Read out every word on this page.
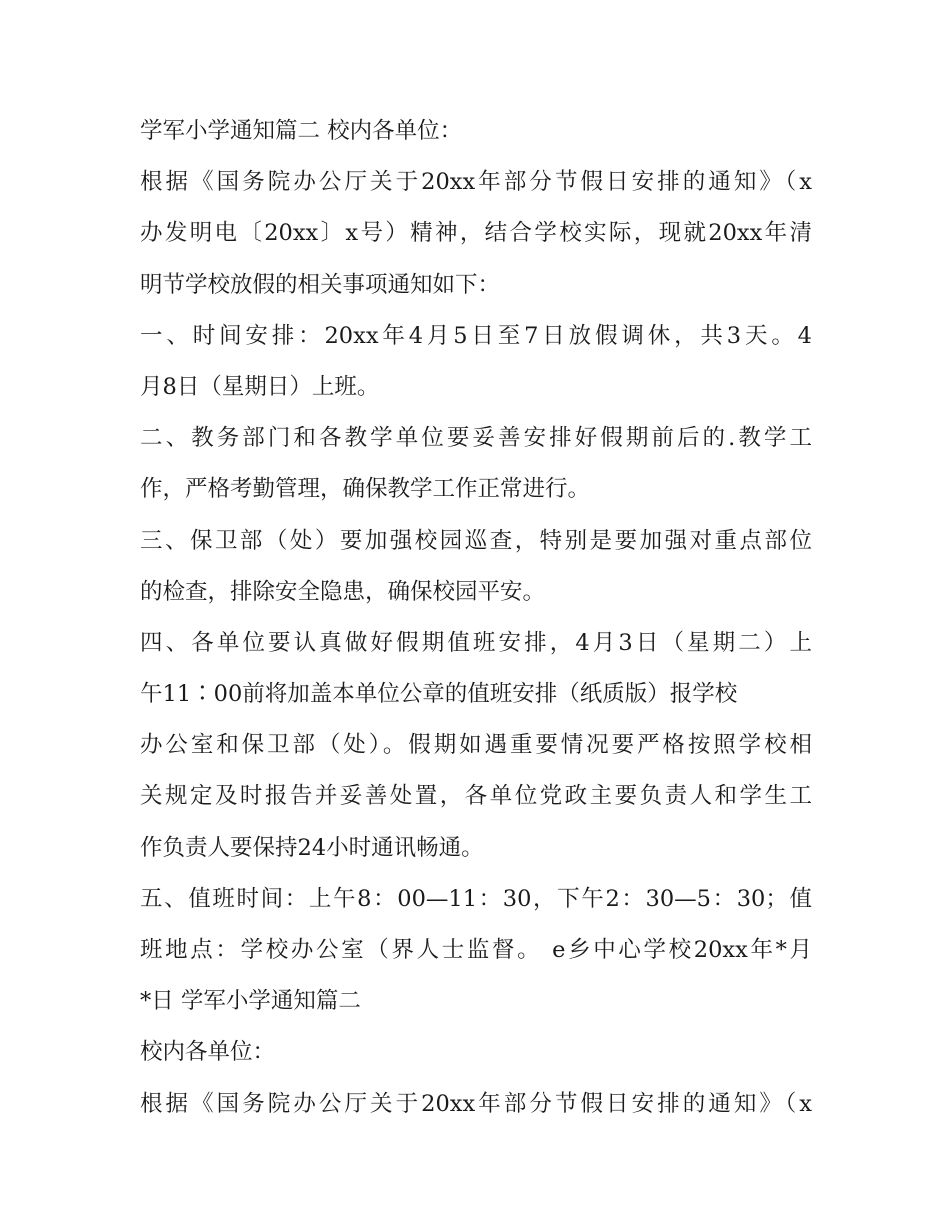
学军小学通知篇二 校内各单位：
根据《国务院办公厅关于20xx年部分节假日安排的通知》（x
办发明电〔20xx〕x号）精神，结合学校实际，现就20xx年清
明节学校放假的相关事项通知如下：
一、时间安排：20xx年4月5日至7日放假调休，共3天。4
月8日（星期日）上班。
二、教务部门和各教学单位要妥善安排好假期前后的.教学工
作，严格考勤管理，确保教学工作正常进行。
三、保卫部（处）要加强校园巡查，特别是要加强对重点部位
的检查，排除安全隐患，确保校园平安。
四、各单位要认真做好假期值班安排，4月3日（星期二）上
午11∶00前将加盖本单位公章的值班安排（纸质版）报学校
办公室和保卫部（处）。假期如遇重要情况要严格按照学校相
关规定及时报告并妥善处置，各单位党政主要负责人和学生工
作负责人要保持24小时通讯畅通。
五、值班时间：上午8：00—11：30，下午2：30—5：30；值
班地点：学校办公室（界人士监督。 e乡中心学校20xx年*月
*日 学军小学通知篇二
校内各单位：
根据《国务院办公厅关于20xx年部分节假日安排的通知》（x
